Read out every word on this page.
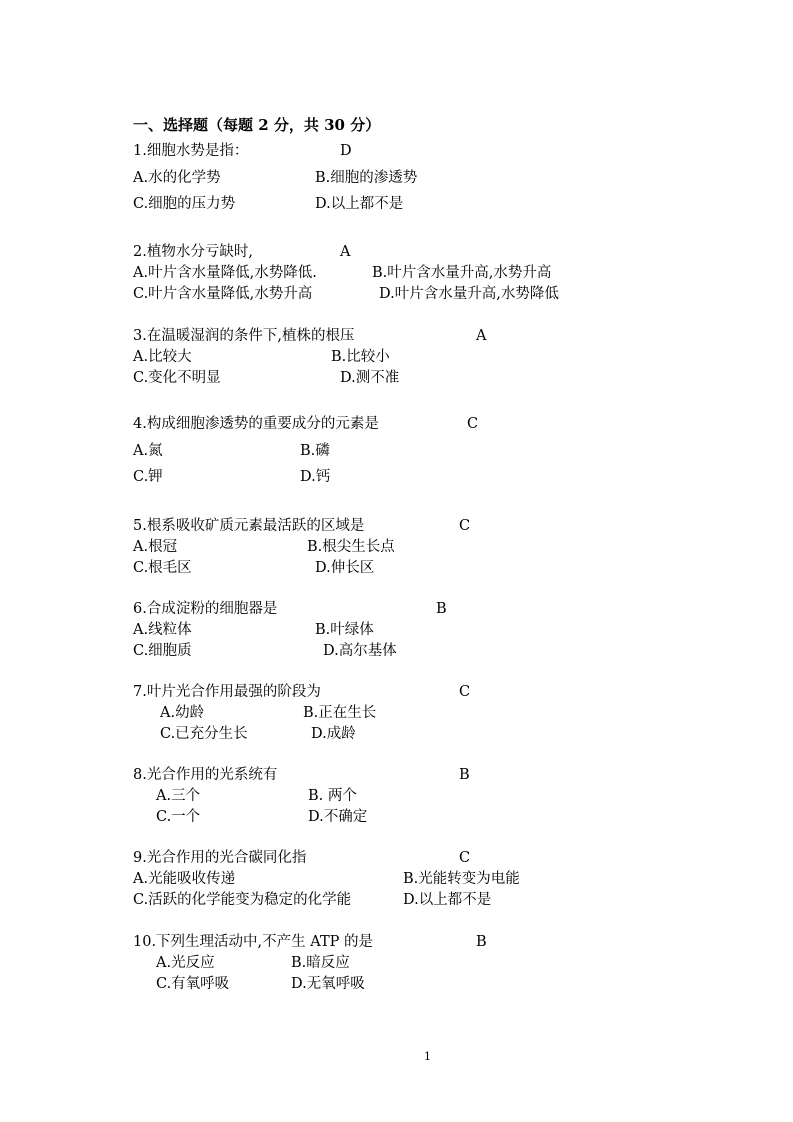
一、选择题（每题 2 分，共 30 分）
1.细胞水势是指：	D
A.水的化学势	B.细胞的渗透势
C.细胞的压力势	D.以上都不是
2.植物水分亏缺时,	A
A.叶片含水量降低,水势降低.	B.叶片含水量升高,水势升高
C.叶片含水量降低,水势升高	D.叶片含水量升高,水势降低
3.在温暖湿润的条件下,植株的根压	A
A.比较大	B.比较小
C.变化不明显	D.测不准
4.构成细胞渗透势的重要成分的元素是	C
A.氮	B.磷
C.钾	D.钙
5.根系吸收矿质元素最活跃的区域是	C
A.根冠	B.根尖生长点
C.根毛区	D.伸长区
6.合成淀粉的细胞器是	B
A.线粒体	B.叶绿体
C.细胞质	D.高尔基体
7.叶片光合作用最强的阶段为	C
A.幼龄	B.正在生长
C.已充分生长	D.成龄
8.光合作用的光系统有	B
A.三个	B. 两个
C.一个	D.不确定
9.光合作用的光合碳同化指	C
A.光能吸收传递	B.光能转变为电能
C.活跃的化学能变为稳定的化学能	D.以上都不是
10.下列生理活动中,不产生 ATP 的是	B
A.光反应	B.暗反应
C.有氧呼吸	D.无氧呼吸
1
